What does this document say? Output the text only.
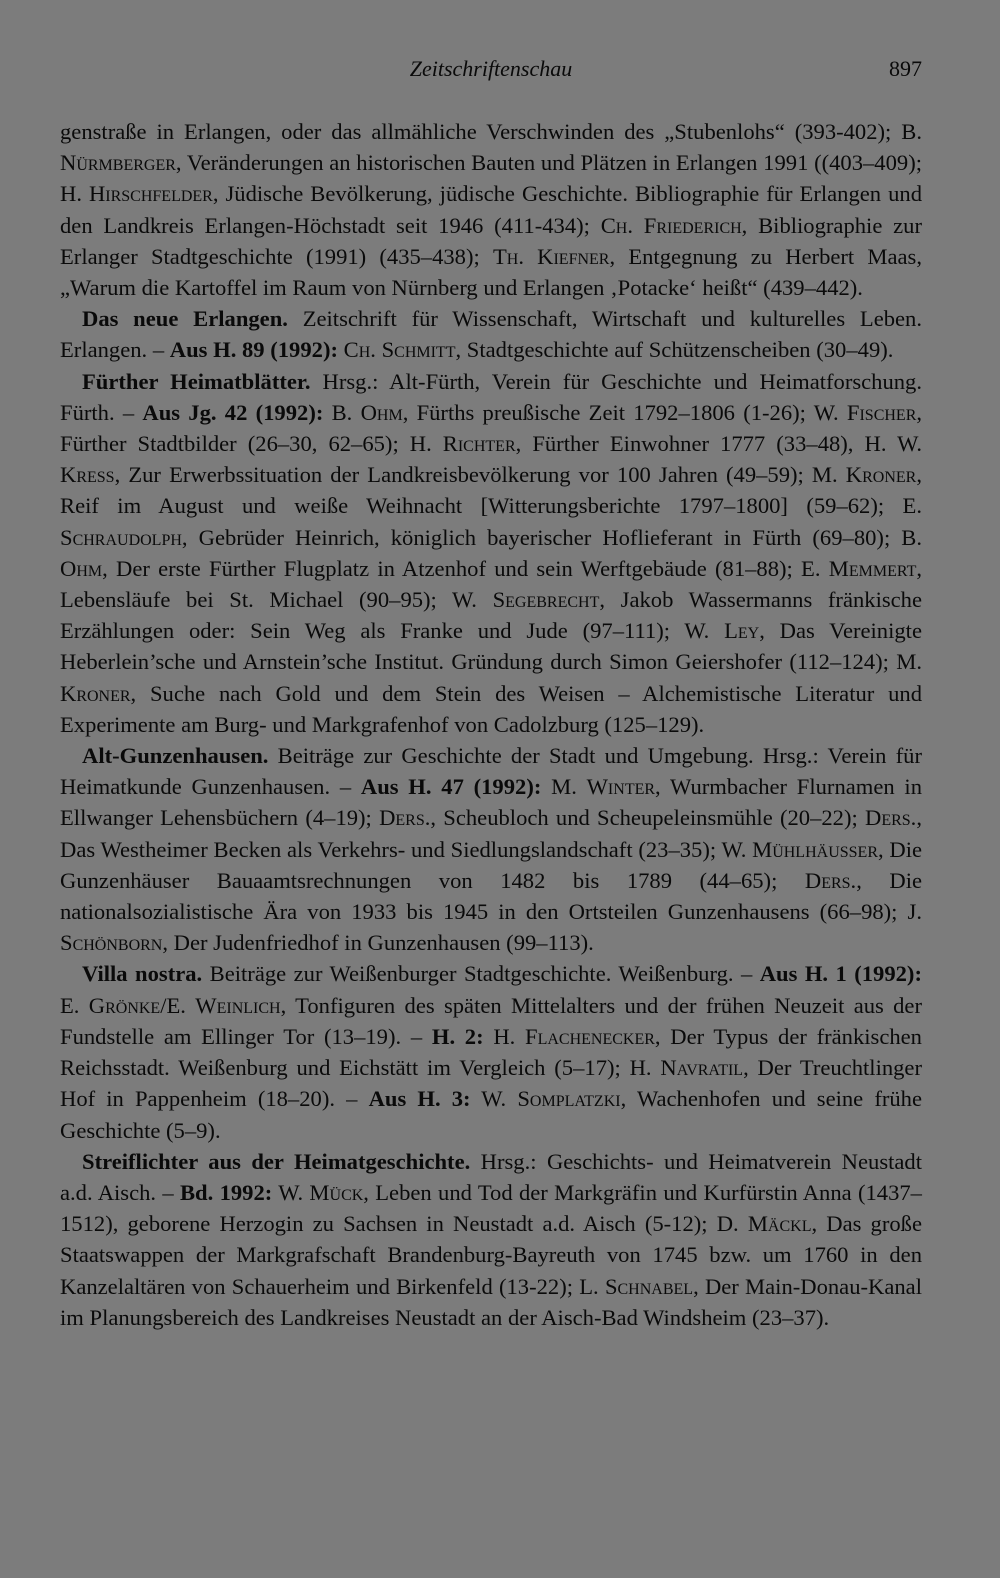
Zeitschriftenschau	897

genstraße in Erlangen, oder das allmähliche Verschwinden des „Stubenlohs“ (393-402); B. Nürmberger, Veränderungen an historischen Bauten und Plätzen in Erlangen 1991 ((403–409); H. Hirschfelder, Jüdische Bevölkerung, jüdische Geschichte. Bibliographie für Erlangen und den Landkreis Erlangen-Höchstadt seit 1946 (411-434); Ch. Friederich, Bibliographie zur Erlanger Stadtgeschichte (1991) (435–438); Th. Kiefner, Entgegnung zu Herbert Maas, „Warum die Kartoffel im Raum von Nürnberg und Erlangen ‚Potacke‘ heißt“ (439–442).

Das neue Erlangen. Zeitschrift für Wissenschaft, Wirtschaft und kulturelles Leben. Erlangen. – Aus H. 89 (1992): Ch. Schmitt, Stadtgeschichte auf Schützenscheiben (30–49).

Fürther Heimatblätter. Hrsg.: Alt-Fürth, Verein für Geschichte und Heimatforschung. Fürth. – Aus Jg. 42 (1992): B. Ohm, Fürths preußische Zeit 1792–1806 (1-26); W. Fischer, Fürther Stadtbilder (26–30, 62–65); H. Richter, Fürther Einwohner 1777 (33–48), H. W. Kress, Zur Erwerbssituation der Landkreisbevölkerung vor 100 Jahren (49–59); M. Kroner, Reif im August und weiße Weihnacht [Witterungsberichte 1797–1800] (59–62); E. Schraudolph, Gebrüder Heinrich, königlich bayerischer Hoflieferant in Fürth (69–80); B. Ohm, Der erste Fürther Flugplatz in Atzenhof und sein Werftgebäude (81–88); E. Memmert, Lebensläufe bei St. Michael (90–95); W. Segebrecht, Jakob Wassermanns fränkische Erzählungen oder: Sein Weg als Franke und Jude (97–111); W. Ley, Das Vereinigte Heberlein’sche und Arnstein’sche Institut. Gründung durch Simon Geiershofer (112–124); M. Kroner, Suche nach Gold und dem Stein des Weisen – Alchemistische Literatur und Experimente am Burg- und Markgrafenhof von Cadolzburg (125–129).

Alt-Gunzenhausen. Beiträge zur Geschichte der Stadt und Umgebung. Hrsg.: Verein für Heimatkunde Gunzenhausen. – Aus H. 47 (1992): M. Winter, Wurmbacher Flurnamen in Ellwanger Lehensbüchern (4–19); Ders., Scheubloch und Scheupeleinsmühle (20–22); Ders., Das Westheimer Becken als Verkehrs- und Siedlungslandschaft (23–35); W. Mühlhäusser, Die Gunzenhäuser Bauaamtsrechnungen von 1482 bis 1789 (44–65); Ders., Die nationalsozialistische Ära von 1933 bis 1945 in den Ortsteilen Gunzenhausens (66–98); J. Schönborn, Der Judenfriedhof in Gunzenhausen (99–113).

Villa nostra. Beiträge zur Weißenburger Stadtgeschichte. Weißenburg. – Aus H. 1 (1992): E. Grönke/E. Weinlich, Tonfiguren des späten Mittelalters und der frühen Neuzeit aus der Fundstelle am Ellinger Tor (13–19). – H. 2: H. Flachenecker, Der Typus der fränkischen Reichsstadt. Weißenburg und Eichstätt im Vergleich (5–17); H. Navratil, Der Treuchtlinger Hof in Pappenheim (18–20). – Aus H. 3: W. Somplatzki, Wachenhofen und seine frühe Geschichte (5–9).

Streiflichter aus der Heimatgeschichte. Hrsg.: Geschichts- und Heimatverein Neustadt a.d. Aisch. – Bd. 1992: W. Mück, Leben und Tod der Markgräfin und Kurfürstin Anna (1437–1512), geborene Herzogin zu Sachsen in Neustadt a.d. Aisch (5-12); D. Mäckl, Das große Staatswappen der Markgrafschaft Brandenburg-Bayreuth von 1745 bzw. um 1760 in den Kanzelaltären von Schauerheim und Birkenfeld (13-22); L. Schnabel, Der Main-Donau-Kanal im Planungsbereich des Landkreises Neustadt an der Aisch-Bad Windsheim (23–37).
